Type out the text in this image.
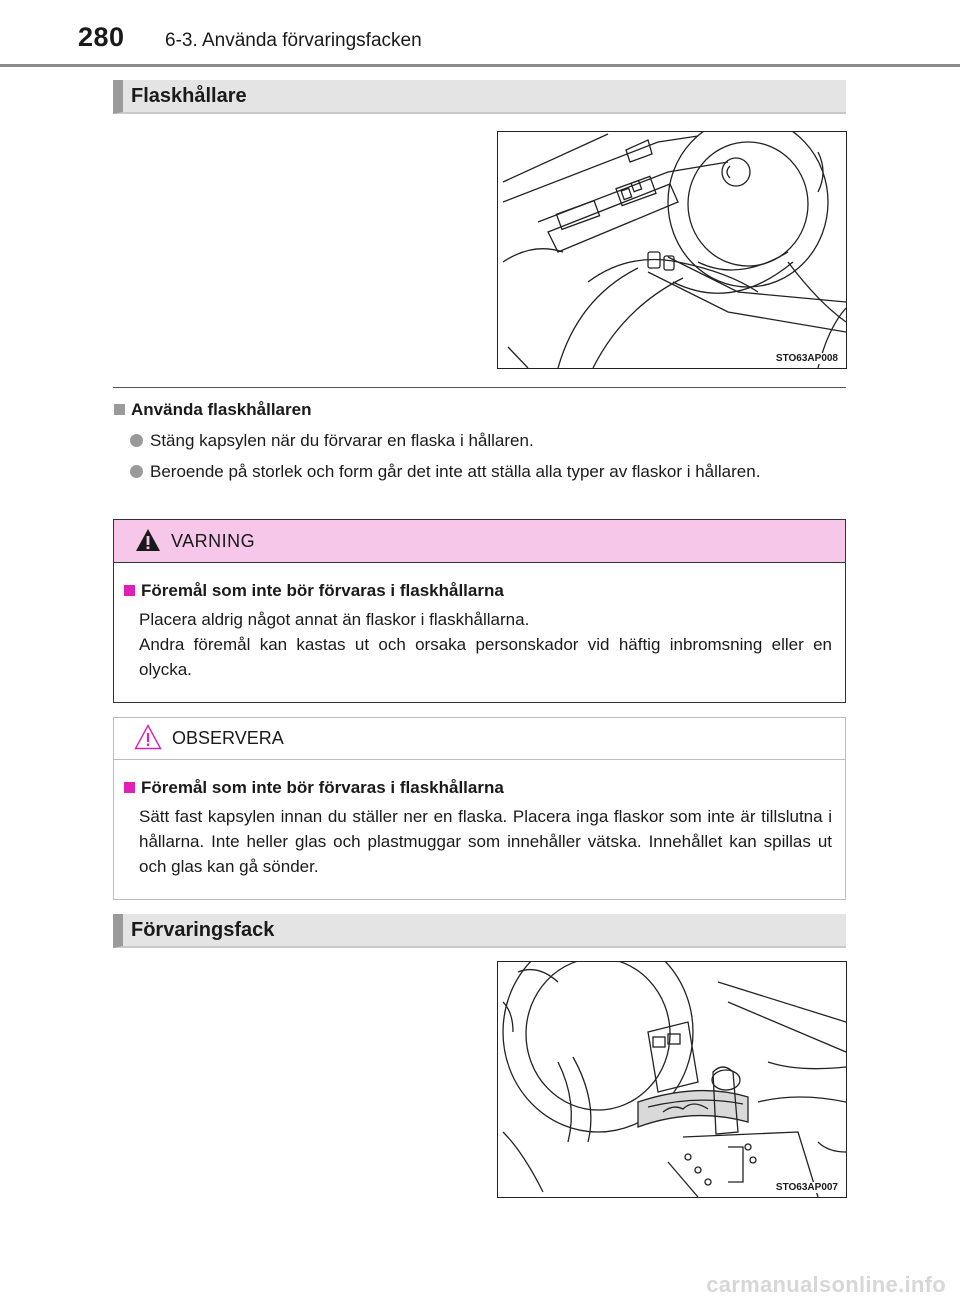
280 6-3. Använda förvaringsfacken
Flaskhållare
STO63AP008
Använda flaskhållaren
Stäng kapsylen när du förvarar en flaska i hållaren.
Beroende på storlek och form går det inte att ställa alla typer av flaskor i hållaren.
VARNING
Föremål som inte bör förvaras i flaskhållarna
Placera aldrig något annat än flaskor i flaskhållarna.
Andra föremål kan kastas ut och orsaka personskador vid häftig inbromsning eller en olycka.
OBSERVERA
Föremål som inte bör förvaras i flaskhållarna
Sätt fast kapsylen innan du ställer ner en flaska. Placera inga flaskor som inte är tillslutna i hållarna. Inte heller glas och plastmuggar som innehåller vätska. Innehållet kan spillas ut och glas kan gå sönder.
Förvaringsfack
STO63AP007
carmanualsonline.info
